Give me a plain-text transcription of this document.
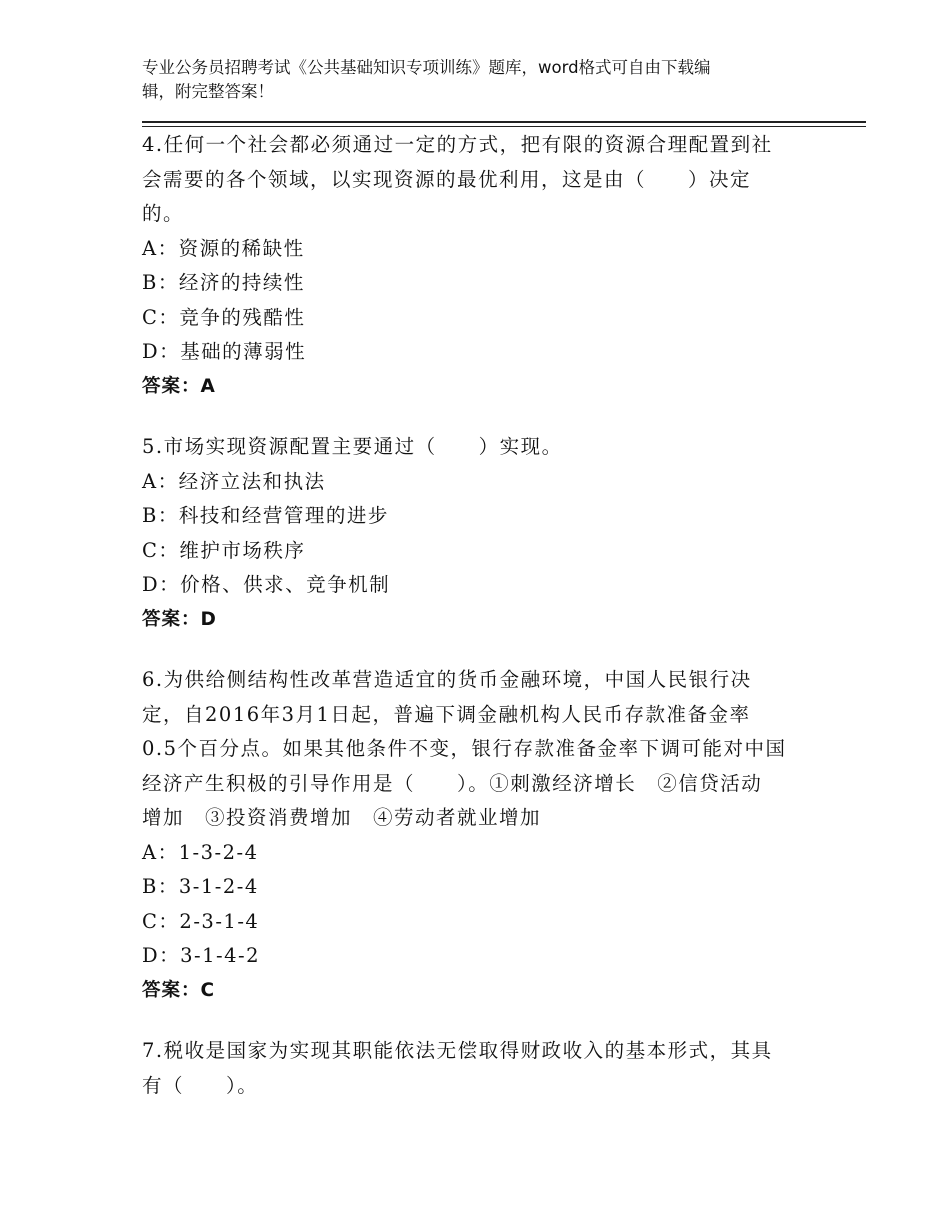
专业公务员招聘考试《公共基础知识专项训练》题库，word格式可自由下载编
辑，附完整答案！
4.任何一个社会都必须通过一定的方式，把有限的资源合理配置到社
会需要的各个领域，以实现资源的最优利用，这是由（　　）决定
的。
A：资源的稀缺性
B：经济的持续性
C：竞争的残酷性
D：基础的薄弱性
答案：A
5.市场实现资源配置主要通过（　　）实现。
A：经济立法和执法
B：科技和经营管理的进步
C：维护市场秩序
D：价格、供求、竞争机制
答案：D
6.为供给侧结构性改革营造适宜的货币金融环境，中国人民银行决
定，自2016年3月1日起，普遍下调金融机构人民币存款准备金率
0.5个百分点。如果其他条件不变，银行存款准备金率下调可能对中国
经济产生积极的引导作用是（　　）。①刺激经济增长　②信贷活动
增加　③投资消费增加　④劳动者就业增加
A：1-3-2-4
B：3-1-2-4
C：2-3-1-4
D：3-1-4-2
答案：C
7.税收是国家为实现其职能依法无偿取得财政收入的基本形式，其具
有（　　）。
